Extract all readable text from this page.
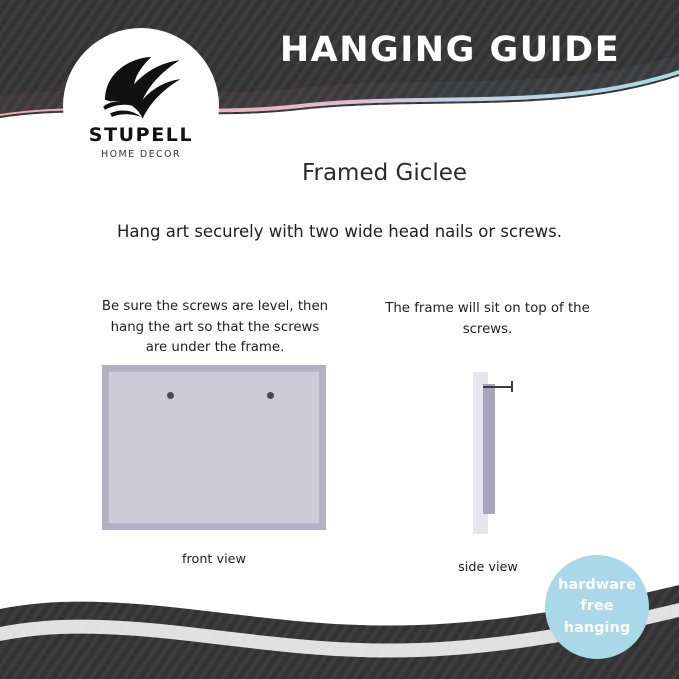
HANGING GUIDE
STUPELL
HOME DECOR
Framed Giclee
Hang art securely with two wide head nails or screws.
Be sure the screws are level, then hang the art so that the screws are under the frame.
front view
The frame will sit on top of the screws.
side view
hardware
free
hanging
